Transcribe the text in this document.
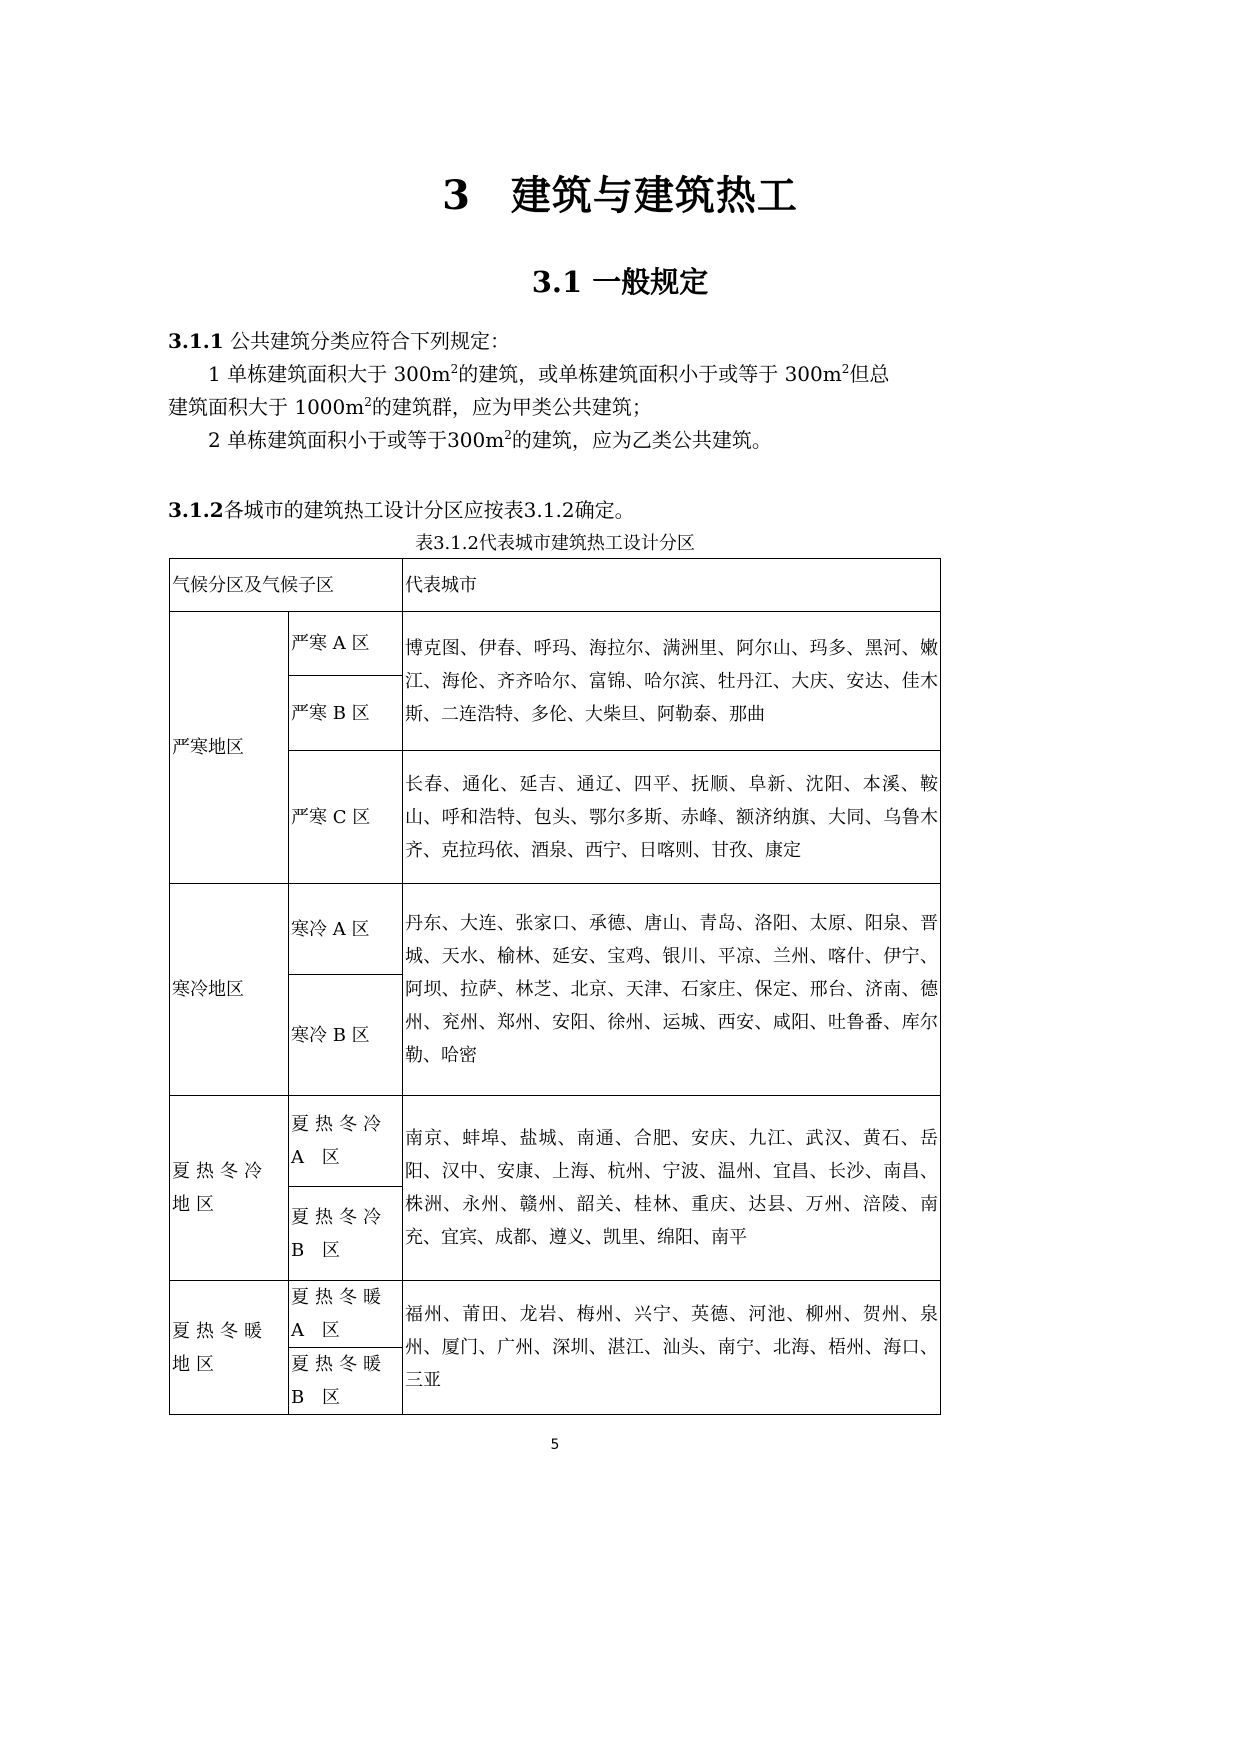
3 建筑与建筑热工
3.1 一般规定
3.1.1 公共建筑分类应符合下列规定：
1 单栋建筑面积大于 $300m^2$的建筑，或单栋建筑面积小于或等于 $300m^2$但总
建筑面积大于 $1000m^2$的建筑群，应为甲类公共建筑；
2 单栋建筑面积小于或等于$300m^2$的建筑，应为乙类公共建筑。
3.1.2各城市的建筑热工设计分区应按表3.1.2确定。
表3.1.2代表城市建筑热工设计分区
气候分区及气候子区		代表城市
严寒地区	严寒 A 区	博克图、伊春、呼玛、海拉尔、满洲里、阿尔山、玛多、黑河、嫩江、海伦、齐齐哈尔、富锦、哈尔滨、牡丹江、大庆、安达、佳木斯、二连浩特、多伦、大柴旦、阿勒泰、那曲
	严寒 B 区	
	严寒 C 区	长春、通化、延吉、通辽、四平、抚顺、阜新、沈阳、本溪、鞍山、呼和浩特、包头、鄂尔多斯、赤峰、额济纳旗、大同、乌鲁木齐、克拉玛依、酒泉、西宁、日喀则、甘孜、康定
寒冷地区	寒冷 A 区	丹东、大连、张家口、承德、唐山、青岛、洛阳、太原、阳泉、晋城、天水、榆林、延安、宝鸡、银川、平凉、兰州、喀什、伊宁、阿坝、拉萨、林芝、北京、天津、石家庄、保定、邢台、济南、德州、兖州、郑州、安阳、徐州、运城、西安、咸阳、吐鲁番、库尔勒、哈密
	寒冷 B 区	
夏热冬冷地区	夏热冬冷 A 区	南京、蚌埠、盐城、南通、合肥、安庆、九江、武汉、黄石、岳阳、汉中、安康、上海、杭州、宁波、温州、宜昌、长沙、南昌、株洲、永州、赣州、韶关、桂林、重庆、达县、万州、涪陵、南充、宜宾、成都、遵义、凯里、绵阳、南平
	夏热冬冷 B 区	
夏热冬暖地区	夏热冬暖 A 区	福州、莆田、龙岩、梅州、兴宁、英德、河池、柳州、贺州、泉州、厦门、广州、深圳、湛江、汕头、南宁、北海、梧州、海口、三亚
	夏热冬暖 B 区	
5
